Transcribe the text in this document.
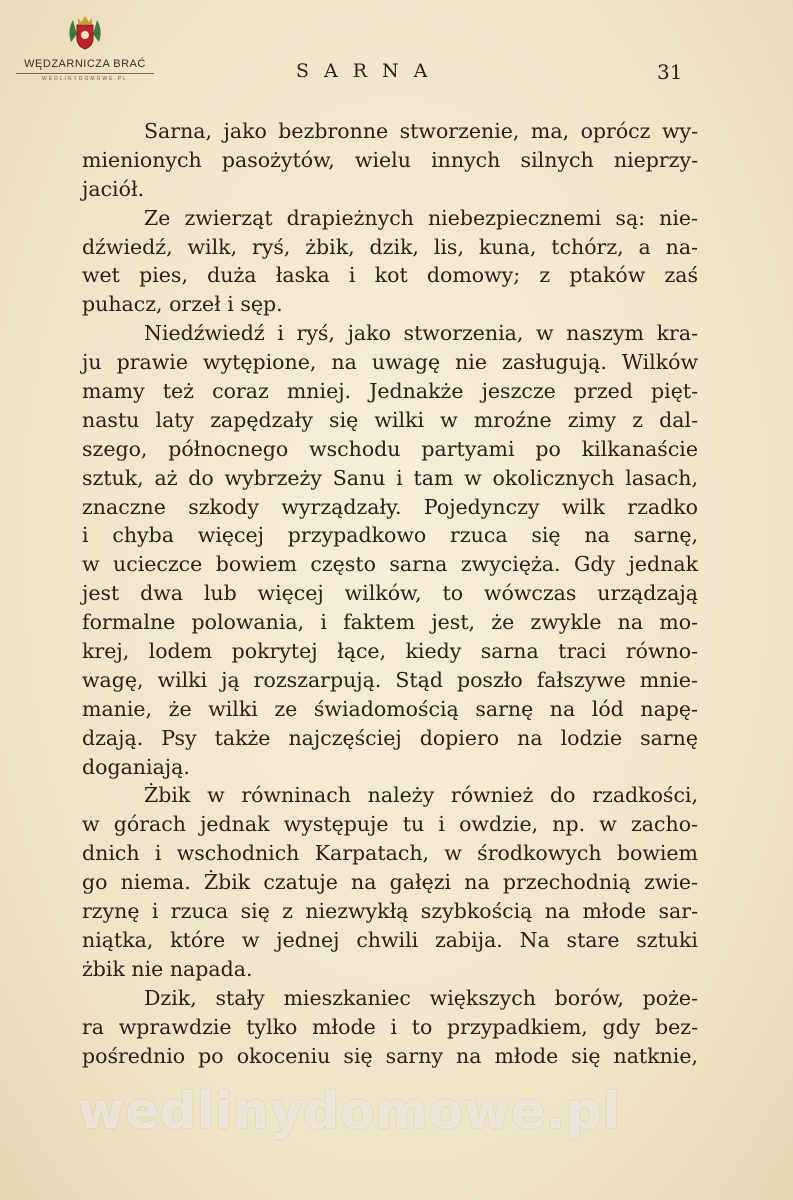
WĘDZARNICZA BRAĆ
WEDLINYDOMOWE.PL	SARNA	31
Sarna, jako bezbronne stworzenie, ma, oprócz wy-
mienionych pasożytów, wielu innych silnych nieprzy-
jaciół.
Ze zwierząt drapieżnych niebezpiecznemi są: nie-
dźwiedź, wilk, ryś, żbik, dzik, lis, kuna, tchórz, a na-
wet pies, duża łaska i kot domowy; z ptaków zaś
puhacz, orzeł i sęp.
Niedźwiedź i ryś, jako stworzenia, w naszym kra-
ju prawie wytępione, na uwagę nie zasługują. Wilków
mamy też coraz mniej. Jednakże jeszcze przed pięt-
nastu laty zapędzały się wilki w mroźne zimy z dal-
szego, północnego wschodu partyami po kilkanaście
sztuk, aż do wybrzeży Sanu i tam w okolicznych lasach,
znaczne szkody wyrządzały. Pojedynczy wilk rzadko
i chyba więcej przypadkowo rzuca się na sarnę,
w ucieczce bowiem często sarna zwycięża. Gdy jednak
jest dwa lub więcej wilków, to wówczas urządzają
formalne polowania, i faktem jest, że zwykle na mo-
krej, lodem pokrytej łące, kiedy sarna traci równo-
wagę, wilki ją rozszarpują. Stąd poszło fałszywe mnie-
manie, że wilki ze świadomością sarnę na lód napę-
dzają. Psy także najczęściej dopiero na lodzie sarnę
doganiają.
Żbik w równinach należy również do rzadkości,
w górach jednak występuje tu i owdzie, np. w zacho-
dnich i wschodnich Karpatach, w środkowych bowiem
go niema. Żbik czatuje na gałęzi na przechodnią zwie-
rzynę i rzuca się z niezwykłą szybkością na młode sar-
niątka, które w jednej chwili zabija. Na stare sztuki
żbik nie napada.
Dzik, stały mieszkaniec większych borów, poże-
ra wprawdzie tylko młode i to przypadkiem, gdy bez-
pośrednio po okoceniu się sarny na młode się natknie,
wedlinydomowe.pl
